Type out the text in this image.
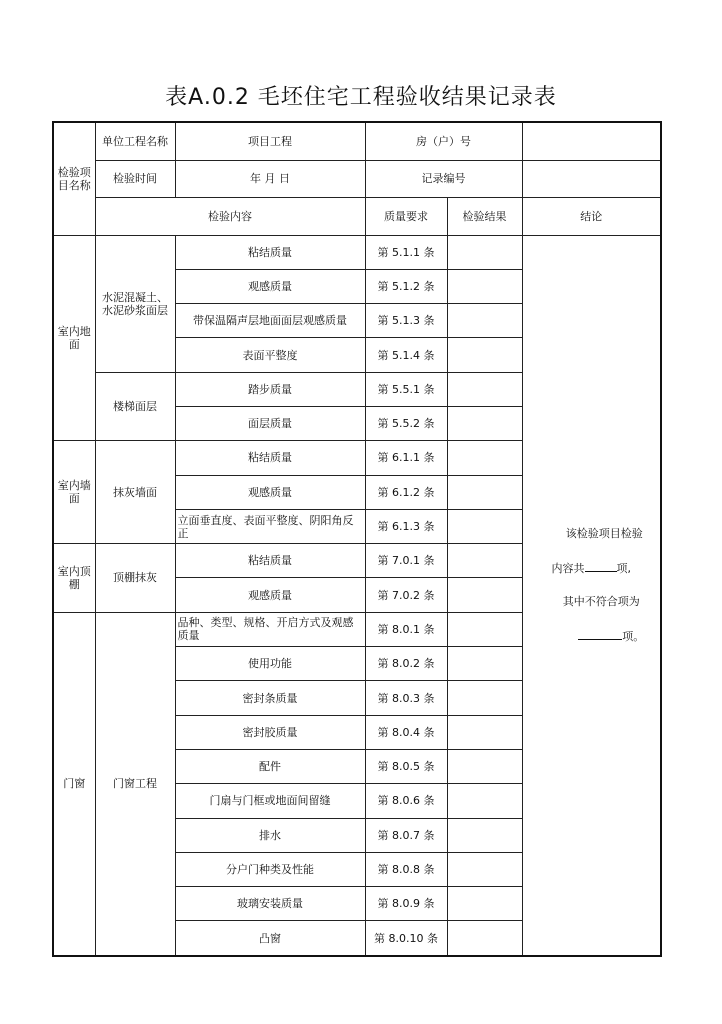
表A.0.2 毛坯住宅工程验收结果记录表
检验项目名称	单位工程名称	项目工程	房（户）号		
	检验时间	年 月 日	记录编号		
	检验内容		质量要求	检验结果	结论
室内地面	水泥混凝土、水泥砂浆面层	粘结质量	第 5.1.1 条		该检验项目检验

内容共 项,

其中不符合项为

项。

		观感质量	第 5.1.2 条		
		带保温隔声层地面面层观感质量	第 5.1.3 条		
		表面平整度	第 5.1.4 条		
	楼梯面层	踏步质量	第 5.5.1 条		
		面层质量	第 5.5.2 条		
室内墙面	抹灰墙面	粘结质量	第 6.1.1 条		
		观感质量	第 6.1.2 条		
		立面垂直度、表面平整度、阴阳角反正	第 6.1.3 条		
室内顶棚	顶棚抹灰	粘结质量	第 7.0.1 条		
		观感质量	第 7.0.2 条		
门窗	门窗工程	品种、类型、规格、开启方式及观感质量	第 8.0.1 条		
		使用功能	第 8.0.2 条		
		密封条质量	第 8.0.3 条		
		密封胶质量	第 8.0.4 条		
		配件	第 8.0.5 条		
		门扇与门框或地面间留缝	第 8.0.6 条		
		排水	第 8.0.7 条		
		分户门种类及性能	第 8.0.8 条		
		玻璃安装质量	第 8.0.9 条		
		凸窗	第 8.0.10 条		
